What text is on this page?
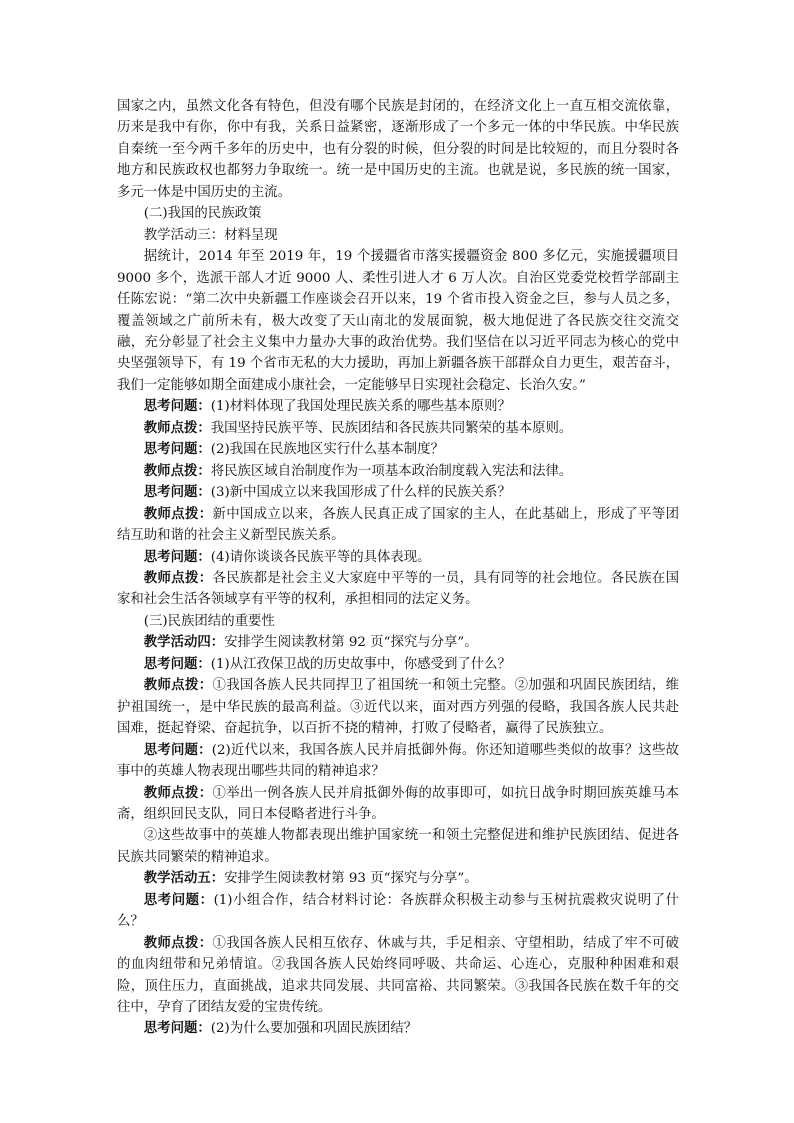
国家之内，虽然文化各有特色，但没有哪个民族是封闭的，在经济文化上一直互相交流依靠，历来是我中有你，你中有我，关系日益紧密，逐渐形成了一个多元一体的中华民族。中华民族自秦统一至今两千多年的历史中，也有分裂的时候，但分裂的时间是比较短的，而且分裂时各地方和民族政权也都努力争取统一。统一是中国历史的主流。也就是说，多民族的统一国家，多元一体是中国历史的主流。

(二)我国的民族政策

教学活动三：材料呈现

据统计，2014 年至 2019 年，19 个援疆省市落实援疆资金 800 多亿元，实施援疆项目 9000 多个，选派干部人才近 9000 人、柔性引进人才 6 万人次。自治区党委党校哲学部副主任陈宏说：“第二次中央新疆工作座谈会召开以来，19 个省市投入资金之巨，参与人员之多，覆盖领域之广前所未有，极大改变了天山南北的发展面貌，极大地促进了各民族交往交流交融，充分彰显了社会主义集中力量办大事的政治优势。我们坚信在以习近平同志为核心的党中央坚强领导下，有 19 个省市无私的大力援助，再加上新疆各族干部群众自力更生，艰苦奋斗，我们一定能够如期全面建成小康社会，一定能够早日实现社会稳定、长治久安。”

思考问题：(1)材料体现了我国处理民族关系的哪些基本原则？

教师点拨：我国坚持民族平等、民族团结和各民族共同繁荣的基本原则。

思考问题：(2)我国在民族地区实行什么基本制度？

教师点拨：将民族区域自治制度作为一项基本政治制度载入宪法和法律。

思考问题：(3)新中国成立以来我国形成了什么样的民族关系？

教师点拨：新中国成立以来，各族人民真正成了国家的主人，在此基础上，形成了平等团结互助和谐的社会主义新型民族关系。

思考问题：(4)请你谈谈各民族平等的具体表现。

教师点拨：各民族都是社会主义大家庭中平等的一员，具有同等的社会地位。各民族在国家和社会生活各领域享有平等的权利，承担相同的法定义务。

(三)民族团结的重要性

教学活动四：安排学生阅读教材第 92 页“探究与分享”。

思考问题：(1)从江孜保卫战的历史故事中，你感受到了什么？

教师点拨：①我国各族人民共同捍卫了祖国统一和领土完整。②加强和巩固民族团结，维护祖国统一，是中华民族的最高利益。③近代以来，面对西方列强的侵略，我国各族人民共赴国难，挺起脊梁、奋起抗争，以百折不挠的精神，打败了侵略者，赢得了民族独立。

思考问题：(2)近代以来，我国各族人民并肩抵御外侮。你还知道哪些类似的故事？这些故事中的英雄人物表现出哪些共同的精神追求？

教师点拨：①举出一例各族人民并肩抵御外侮的故事即可，如抗日战争时期回族英雄马本斋，组织回民支队，同日本侵略者进行斗争。

②这些故事中的英雄人物都表现出维护国家统一和领土完整促进和维护民族团结、促进各民族共同繁荣的精神追求。

教学活动五：安排学生阅读教材第 93 页“探究与分享”。

思考问题：(1)小组合作，结合材料讨论：各族群众积极主动参与玉树抗震救灾说明了什么？

教师点拨：①我国各族人民相互依存、休戚与共，手足相亲、守望相助，结成了牢不可破的血肉纽带和兄弟情谊。②我国各族人民始终同呼吸、共命运、心连心，克服种种困难和艰险，顶住压力，直面挑战，追求共同发展、共同富裕、共同繁荣。③我国各民族在数千年的交往中，孕育了团结友爱的宝贵传统。

思考问题：(2)为什么要加强和巩固民族团结？
